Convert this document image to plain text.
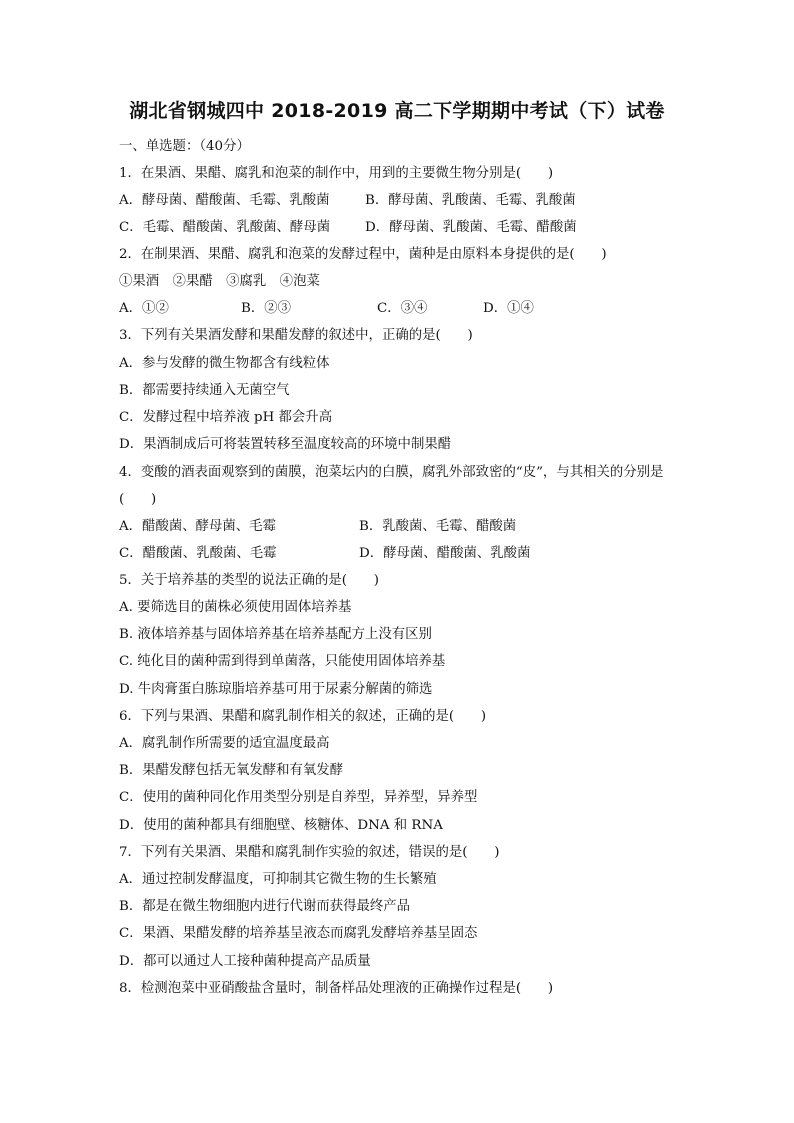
湖北省钢城四中 2018-2019 高二下学期期中考试（下）试卷
一、单选题：（40分）
1．在果酒、果醋、腐乳和泡菜的制作中，用到的主要微生物分别是(　　)
A．酵母菌、醋酸菌、毛霉、乳酸菌	B．酵母菌、乳酸菌、毛霉、乳酸菌
C．毛霉、醋酸菌、乳酸菌、酵母菌	D．酵母菌、乳酸菌、毛霉、醋酸菌
2．在制果酒、果醋、腐乳和泡菜的发酵过程中，菌种是由原料本身提供的是(　　)
①果酒　②果醋　③腐乳　④泡菜
A．①②	B．②③	C．③④	D．①④
3．下列有关果酒发酵和果醋发酵的叙述中，正确的是(　　)
A．参与发酵的微生物都含有线粒体
B．都需要持续通入无菌空气
C．发酵过程中培养液 pH 都会升高
D．果酒制成后可将装置转移至温度较高的环境中制果醋
4．变酸的酒表面观察到的菌膜，泡菜坛内的白膜，腐乳外部致密的“皮”，与其相关的分别是(　　)
A．醋酸菌、酵母菌、毛霉	B．乳酸菌、毛霉、醋酸菌
C．醋酸菌、乳酸菌、毛霉	D．酵母菌、醋酸菌、乳酸菌
5．关于培养基的类型的说法正确的是(　　)
A. 要筛选目的菌株必须使用固体培养基
B. 液体培养基与固体培养基在培养基配方上没有区别
C. 纯化目的菌种需到得到单菌落，只能使用固体培养基
D. 牛肉膏蛋白胨琼脂培养基可用于尿素分解菌的筛选
6．下列与果酒、果醋和腐乳制作相关的叙述，正确的是(　　)
A．腐乳制作所需要的适宜温度最高
B．果醋发酵包括无氧发酵和有氧发酵
C．使用的菌种同化作用类型分别是自养型，异养型，异养型
D．使用的菌种都具有细胞壁、核糖体、DNA 和 RNA
7．下列有关果酒、果醋和腐乳制作实验的叙述，错误的是(　　)
A．通过控制发酵温度，可抑制其它微生物的生长繁殖
B．都是在微生物细胞内进行代谢而获得最终产品
C．果酒、果醋发酵的培养基呈液态而腐乳发酵培养基呈固态
D．都可以通过人工接种菌种提高产品质量
8．检测泡菜中亚硝酸盐含量时，制备样品处理液的正确操作过程是(　　)
